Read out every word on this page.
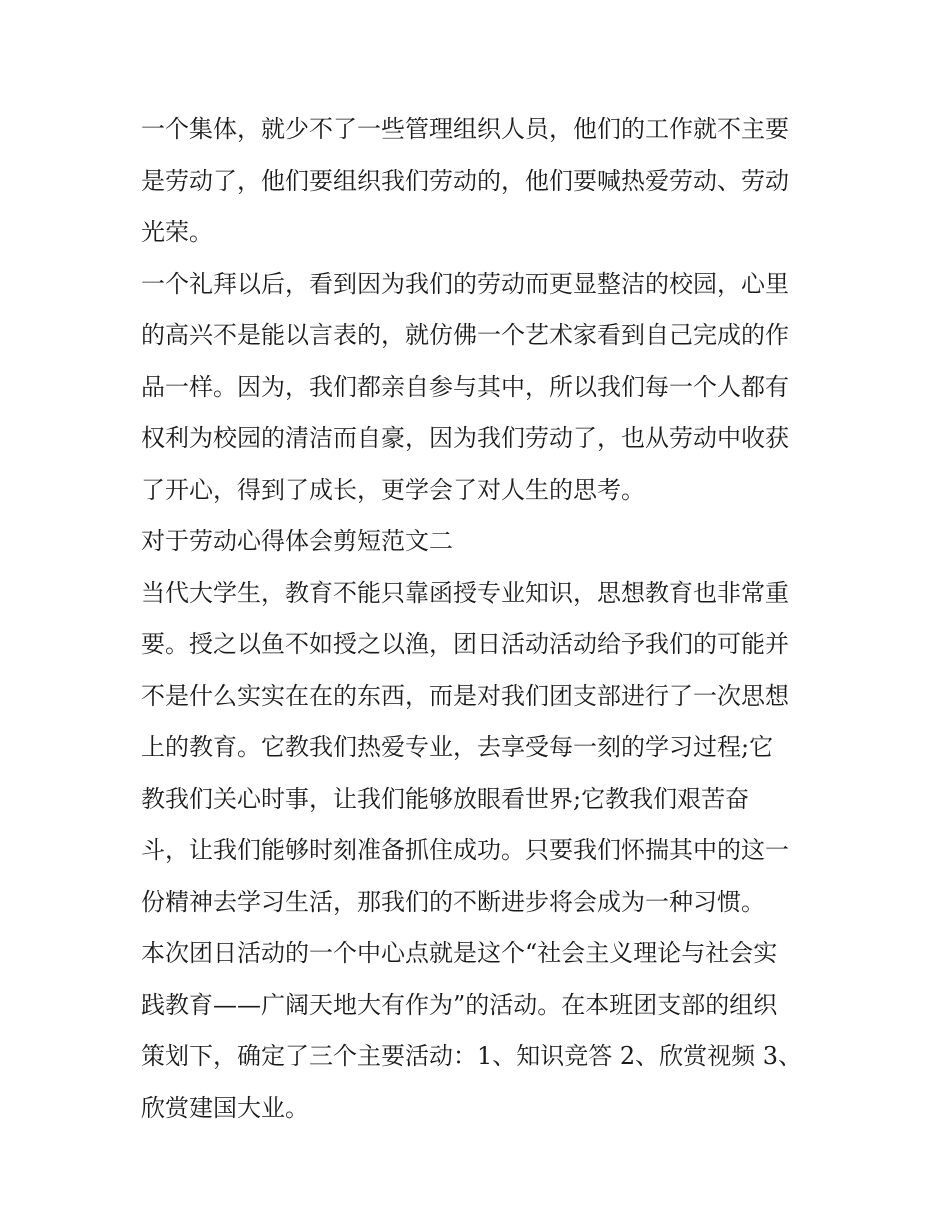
一个集体，就少不了一些管理组织人员，他们的工作就不主要
是劳动了，他们要组织我们劳动的，他们要喊热爱劳动、劳动
光荣。

一个礼拜以后，看到因为我们的劳动而更显整洁的校园，心里
的高兴不是能以言表的，就仿佛一个艺术家看到自己完成的作
品一样。因为，我们都亲自参与其中，所以我们每一个人都有
权利为校园的清洁而自豪，因为我们劳动了，也从劳动中收获
了开心，得到了成长，更学会了对人生的思考。

对于劳动心得体会剪短范文二

当代大学生，教育不能只靠函授专业知识，思想教育也非常重
要。授之以鱼不如授之以渔，团日活动活动给予我们的可能并
不是什么实实在在的东西，而是对我们团支部进行了一次思想
上的教育。它教我们热爱专业，去享受每一刻的学习过程;它
教我们关心时事，让我们能够放眼看世界;它教我们艰苦奋
斗，让我们能够时刻准备抓住成功。只要我们怀揣其中的这一
份精神去学习生活，那我们的不断进步将会成为一种习惯。

本次团日活动的一个中心点就是这个“社会主义理论与社会实
践教育——广阔天地大有作为”的活动。在本班团支部的组织
策划下，确定了三个主要活动：1、知识竞答 2、欣赏视频 3、
欣赏建国大业。
